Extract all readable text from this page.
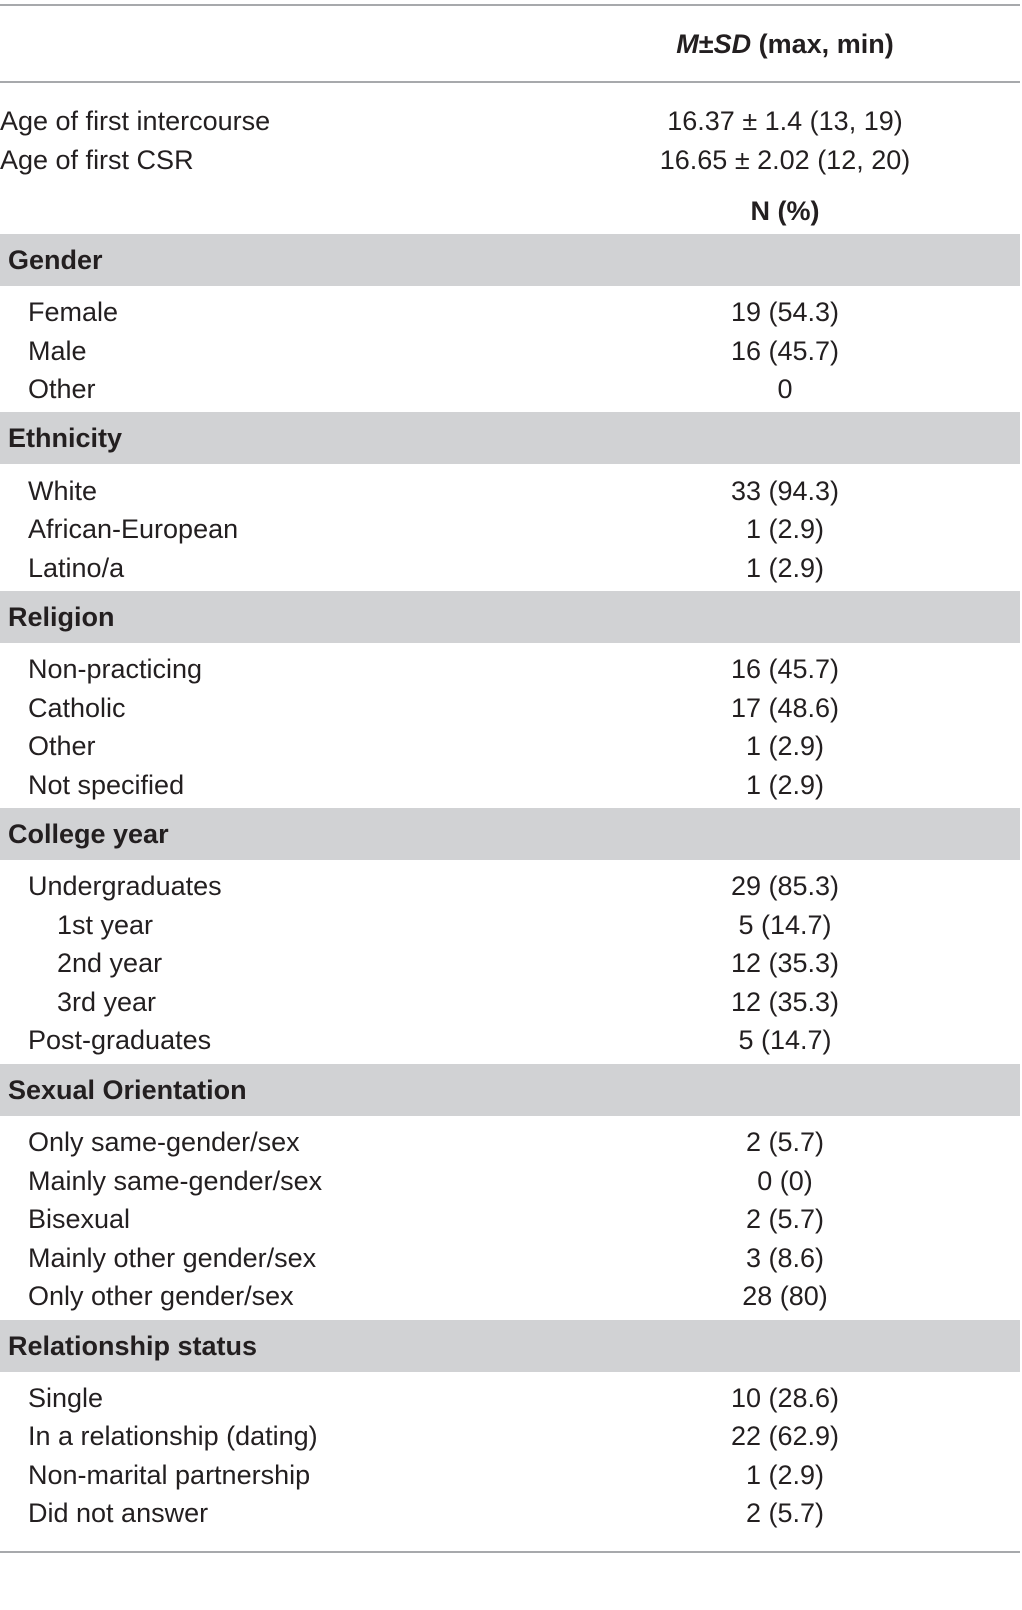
M±SD (max, min)
Age of first intercourse	16.37 ± 1.4 (13, 19)
Age of first CSR	16.65 ± 2.02 (12, 20)
N (%)
Gender
Female	19 (54.3)
Male	16 (45.7)
Other	0
Ethnicity
White	33 (94.3)
African-European	1 (2.9)
Latino/a	1 (2.9)
Religion
Non-practicing	16 (45.7)
Catholic	17 (48.6)
Other	1 (2.9)
Not specified	1 (2.9)
College year
Undergraduates	29 (85.3)
1st year	5 (14.7)
2nd year	12 (35.3)
3rd year	12 (35.3)
Post-graduates	5 (14.7)
Sexual Orientation
Only same-gender/sex	2 (5.7)
Mainly same-gender/sex	0 (0)
Bisexual	2 (5.7)
Mainly other gender/sex	3 (8.6)
Only other gender/sex	28 (80)
Relationship status
Single	10 (28.6)
In a relationship (dating)	22 (62.9)
Non-marital partnership	1 (2.9)
Did not answer	2 (5.7)
